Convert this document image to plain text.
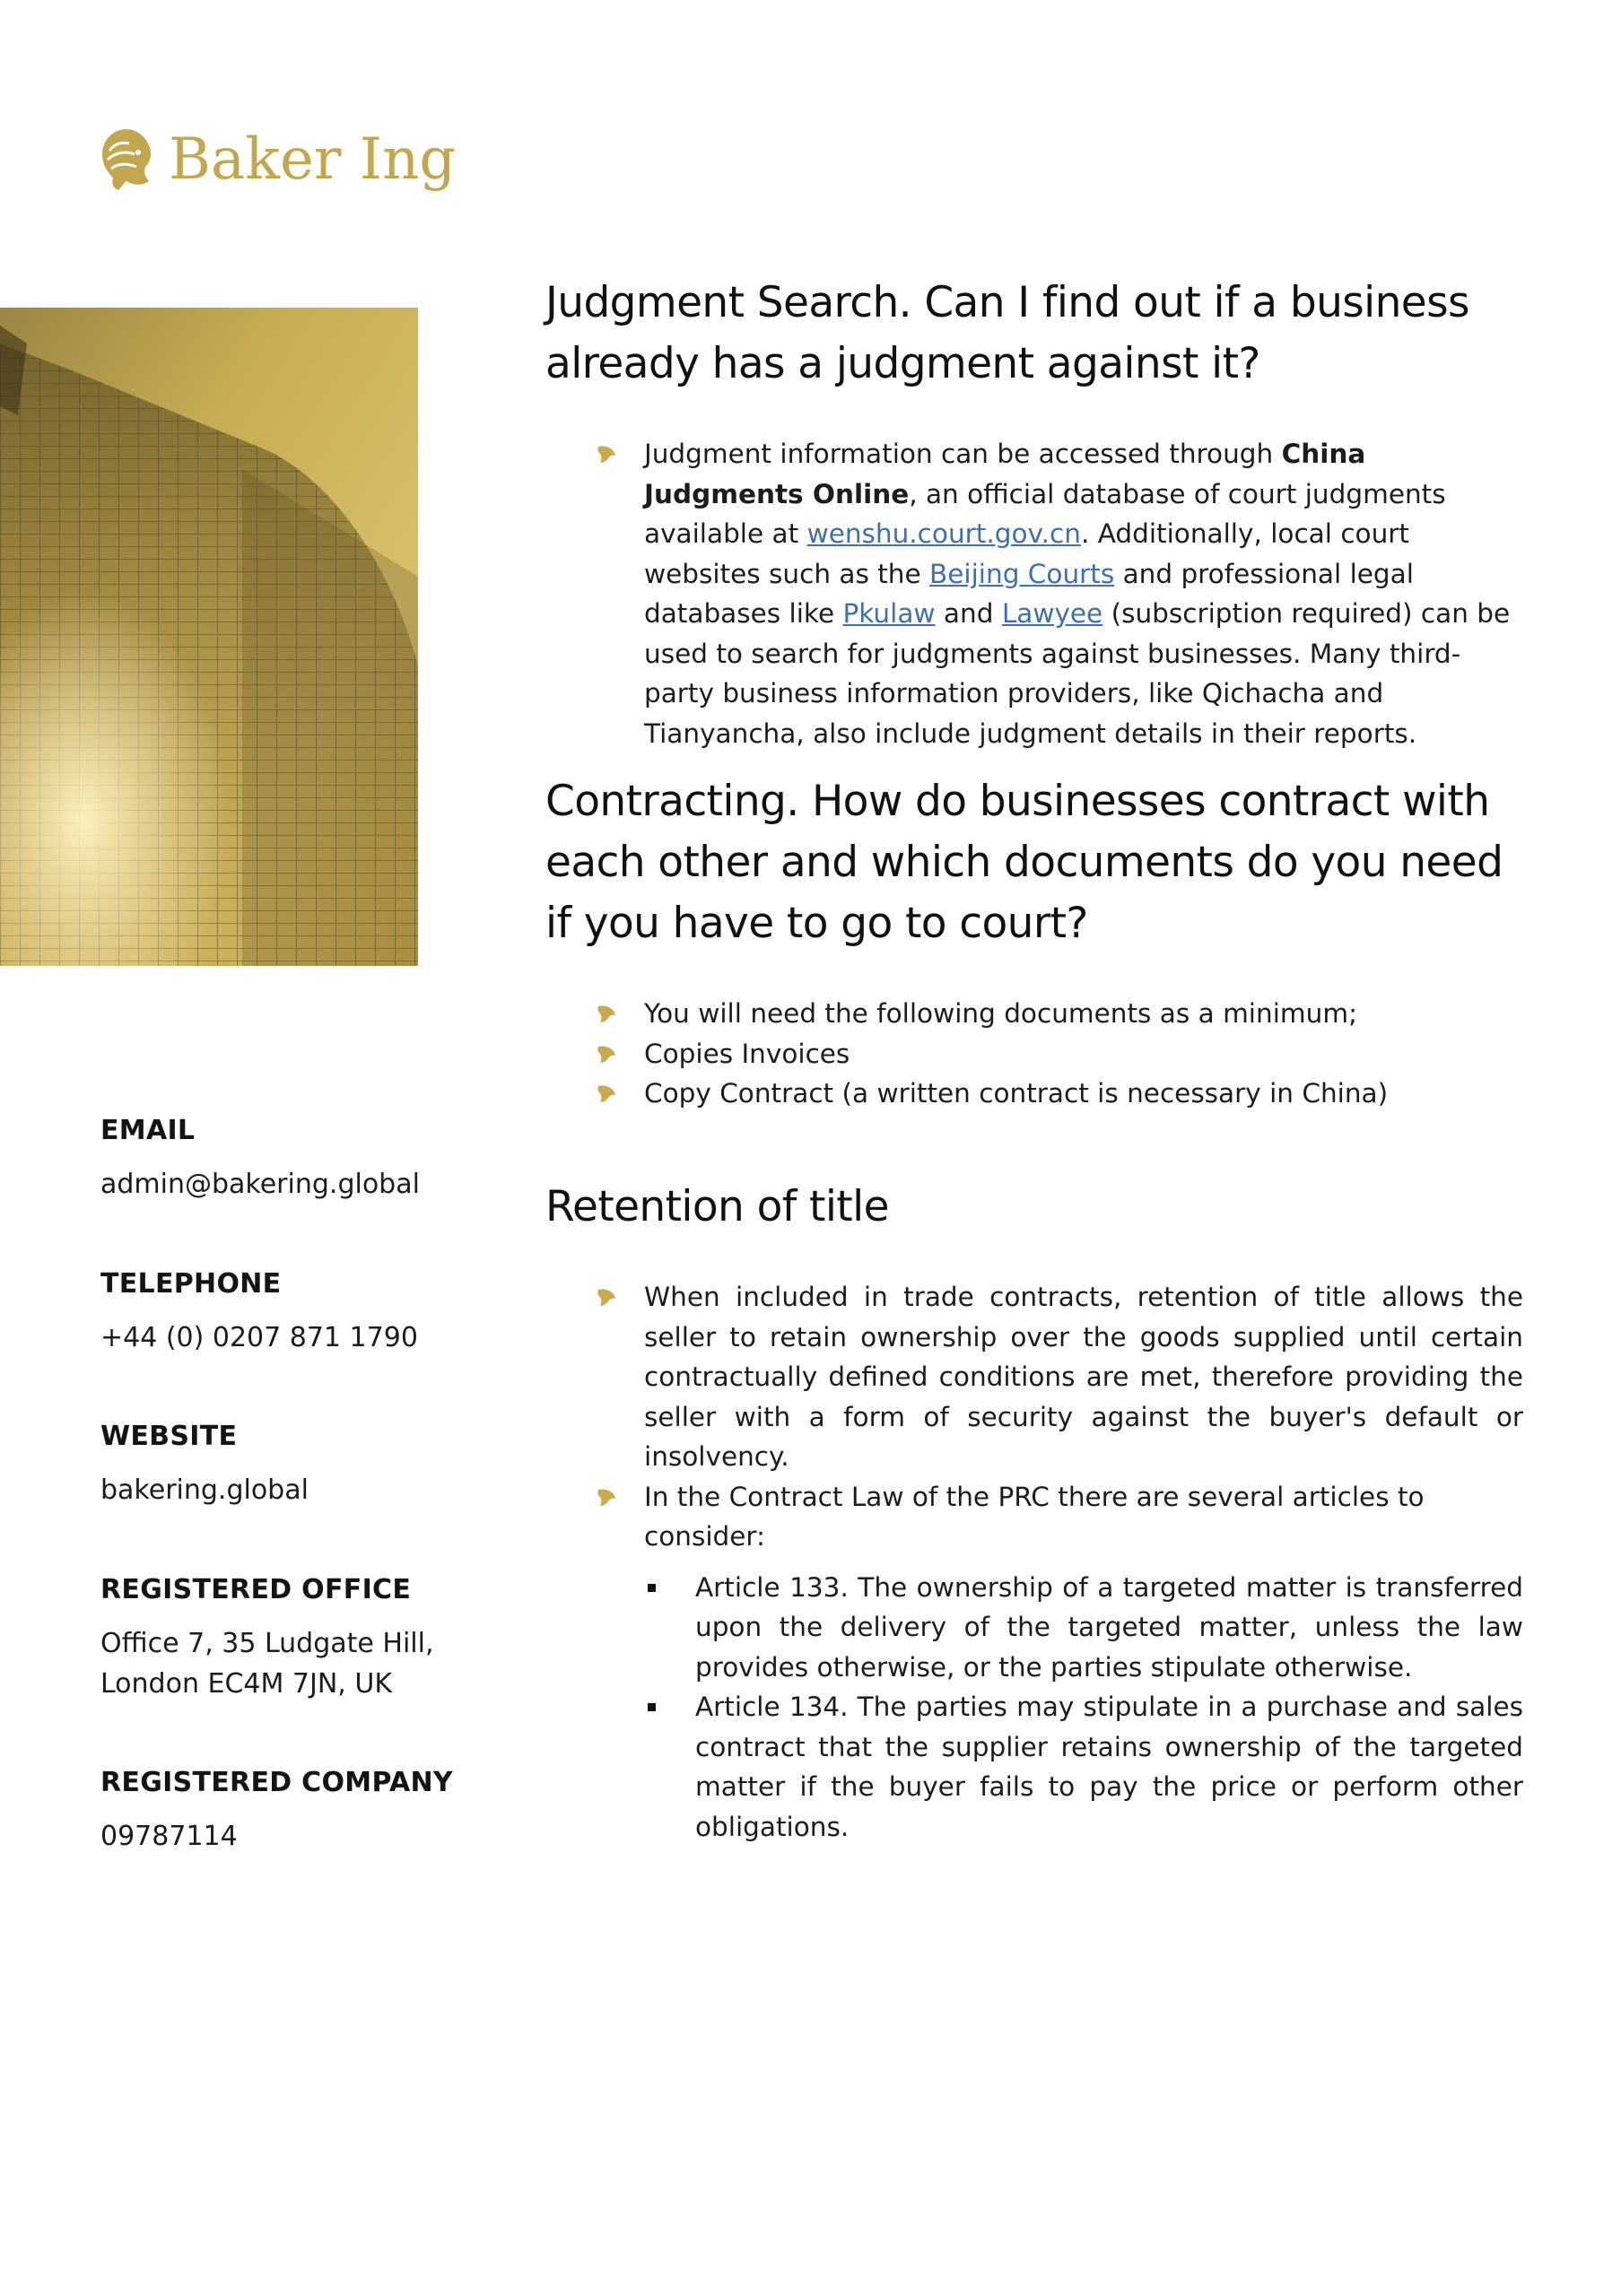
Baker Ing

EMAIL

admin@bakering.global

TELEPHONE

+44 (0) 0207 871 1790

WEBSITE

bakering.global

REGISTERED OFFICE

Office 7, 35 Ludgate Hill,

London EC4M 7JN, UK

REGISTERED COMPANY

09787114

Judgment Search. Can I find out if a business already has a judgment against it?
Judgment information can be accessed through China Judgments Online, an official database of court judgments available at wenshu.court.gov.cn. Additionally, local court websites such as the Beijing Courts and professional legal databases like Pkulaw and Lawyee (subscription required) can be used to search for judgments against businesses. Many third-party business information providers, like Qichacha and Tianyancha, also include judgment details in their reports.
Contracting. How do businesses contract with each other and which documents do you need if you have to go to court?
You will need the following documents as a minimum;
Copies Invoices
Copy Contract (a written contract is necessary in China)
Retention of title
When included in trade contracts, retention of title allows the seller to retain ownership over the goods supplied until certain contractually defined conditions are met, therefore providing the seller with a form of security against the buyer's default or insolvency.
In the Contract Law of the PRC there are several articles to consider:
Article 133. The ownership of a targeted matter is transferred upon the delivery of the targeted matter, unless the law provides otherwise, or the parties stipulate otherwise.
Article 134. The parties may stipulate in a purchase and sales contract that the supplier retains ownership of the targeted matter if the buyer fails to pay the price or perform other obligations.
